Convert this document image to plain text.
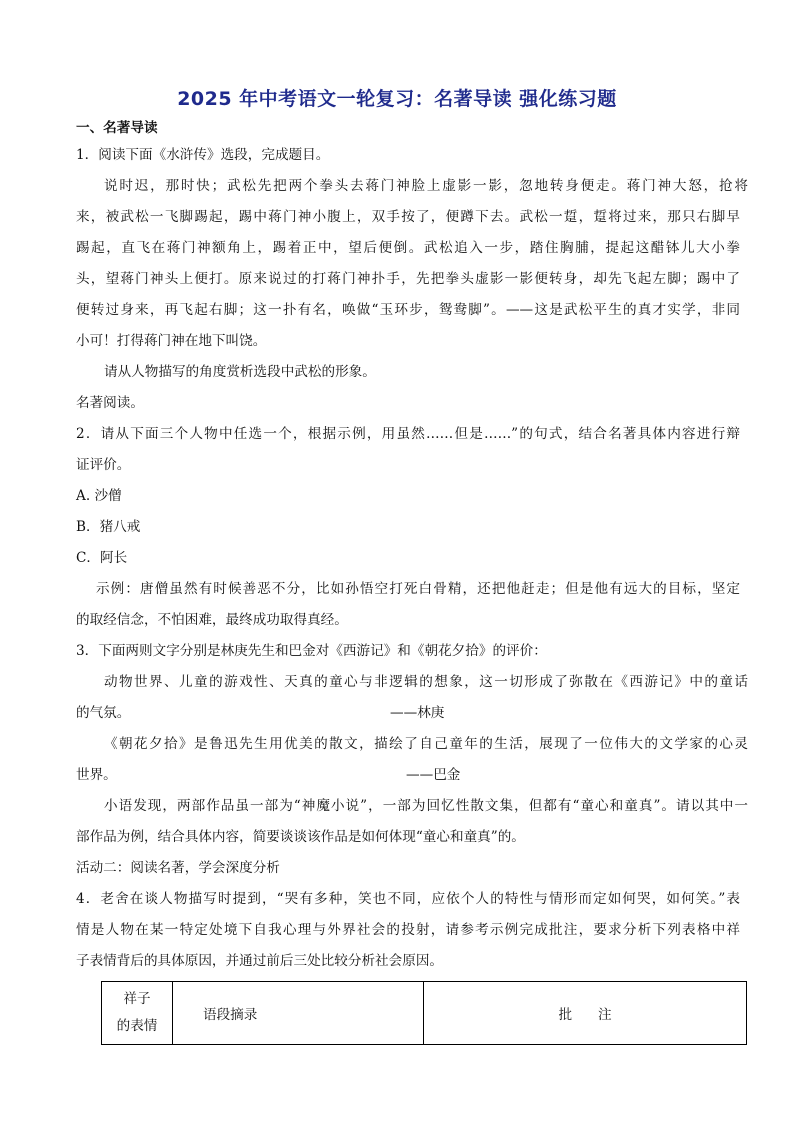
2025 年中考语文一轮复习：名著导读 强化练习题
一、名著导读
1．阅读下面《水浒传》选段，完成题目。
说时迟，那时快；武松先把两个拳头去蒋门神脸上虚影一影，忽地转身便走。蒋门神大怒，抢将
来，被武松一飞脚踢起，踢中蒋门神小腹上，双手按了，便蹲下去。武松一踅，踅将过来，那只右脚早
踢起，直飞在蒋门神额角上，踢着正中，望后便倒。武松追入一步，踏住胸脯，提起这醋钵儿大小拳
头，望蒋门神头上便打。原来说过的打蒋门神扑手，先把拳头虚影一影便转身，却先飞起左脚；踢中了
便转过身来，再飞起右脚；这一扑有名，唤做“玉环步，鸳鸯脚”。——这是武松平生的真才实学，非同
小可！打得蒋门神在地下叫饶。
请从人物描写的角度赏析选段中武松的形象。
名著阅读。
2．请从下面三个人物中任选一个，根据示例，用虽然……但是……”的句式，结合名著具体内容进行辩
证评价。
A. 沙僧
B．猪八戒
C．阿长
示例：唐僧虽然有时候善恶不分，比如孙悟空打死白骨精，还把他赶走；但是他有远大的目标，坚定
的取经信念，不怕困难，最终成功取得真经。
3．下面两则文字分别是林庚先生和巴金对《西游记》和《朝花夕拾》的评价：
动物世界、儿童的游戏性、天真的童心与非逻辑的想象，这一切形成了弥散在《西游记》中的童话
的气氛。	——林庚
《朝花夕拾》是鲁迅先生用优美的散文，描绘了自己童年的生活，展现了一位伟大的文学家的心灵
世界。	——巴金
小语发现，两部作品虽一部为“神魔小说”，一部为回忆性散文集，但都有“童心和童真”。请以其中一
部作品为例，结合具体内容，简要谈谈该作品是如何体现“童心和童真”的。
活动二：阅读名著，学会深度分析
4．老舍在谈人物描写时提到，“哭有多种，笑也不同，应依个人的特性与情形而定如何哭，如何笑。”表
情是人物在某一特定处境下自我心理与外界社会的投射，请参考示例完成批注，要求分析下列表格中祥
子表情背后的具体原因，并通过前后三处比较分析社会原因。
祥子
的表情
	语段摘录	批      注
